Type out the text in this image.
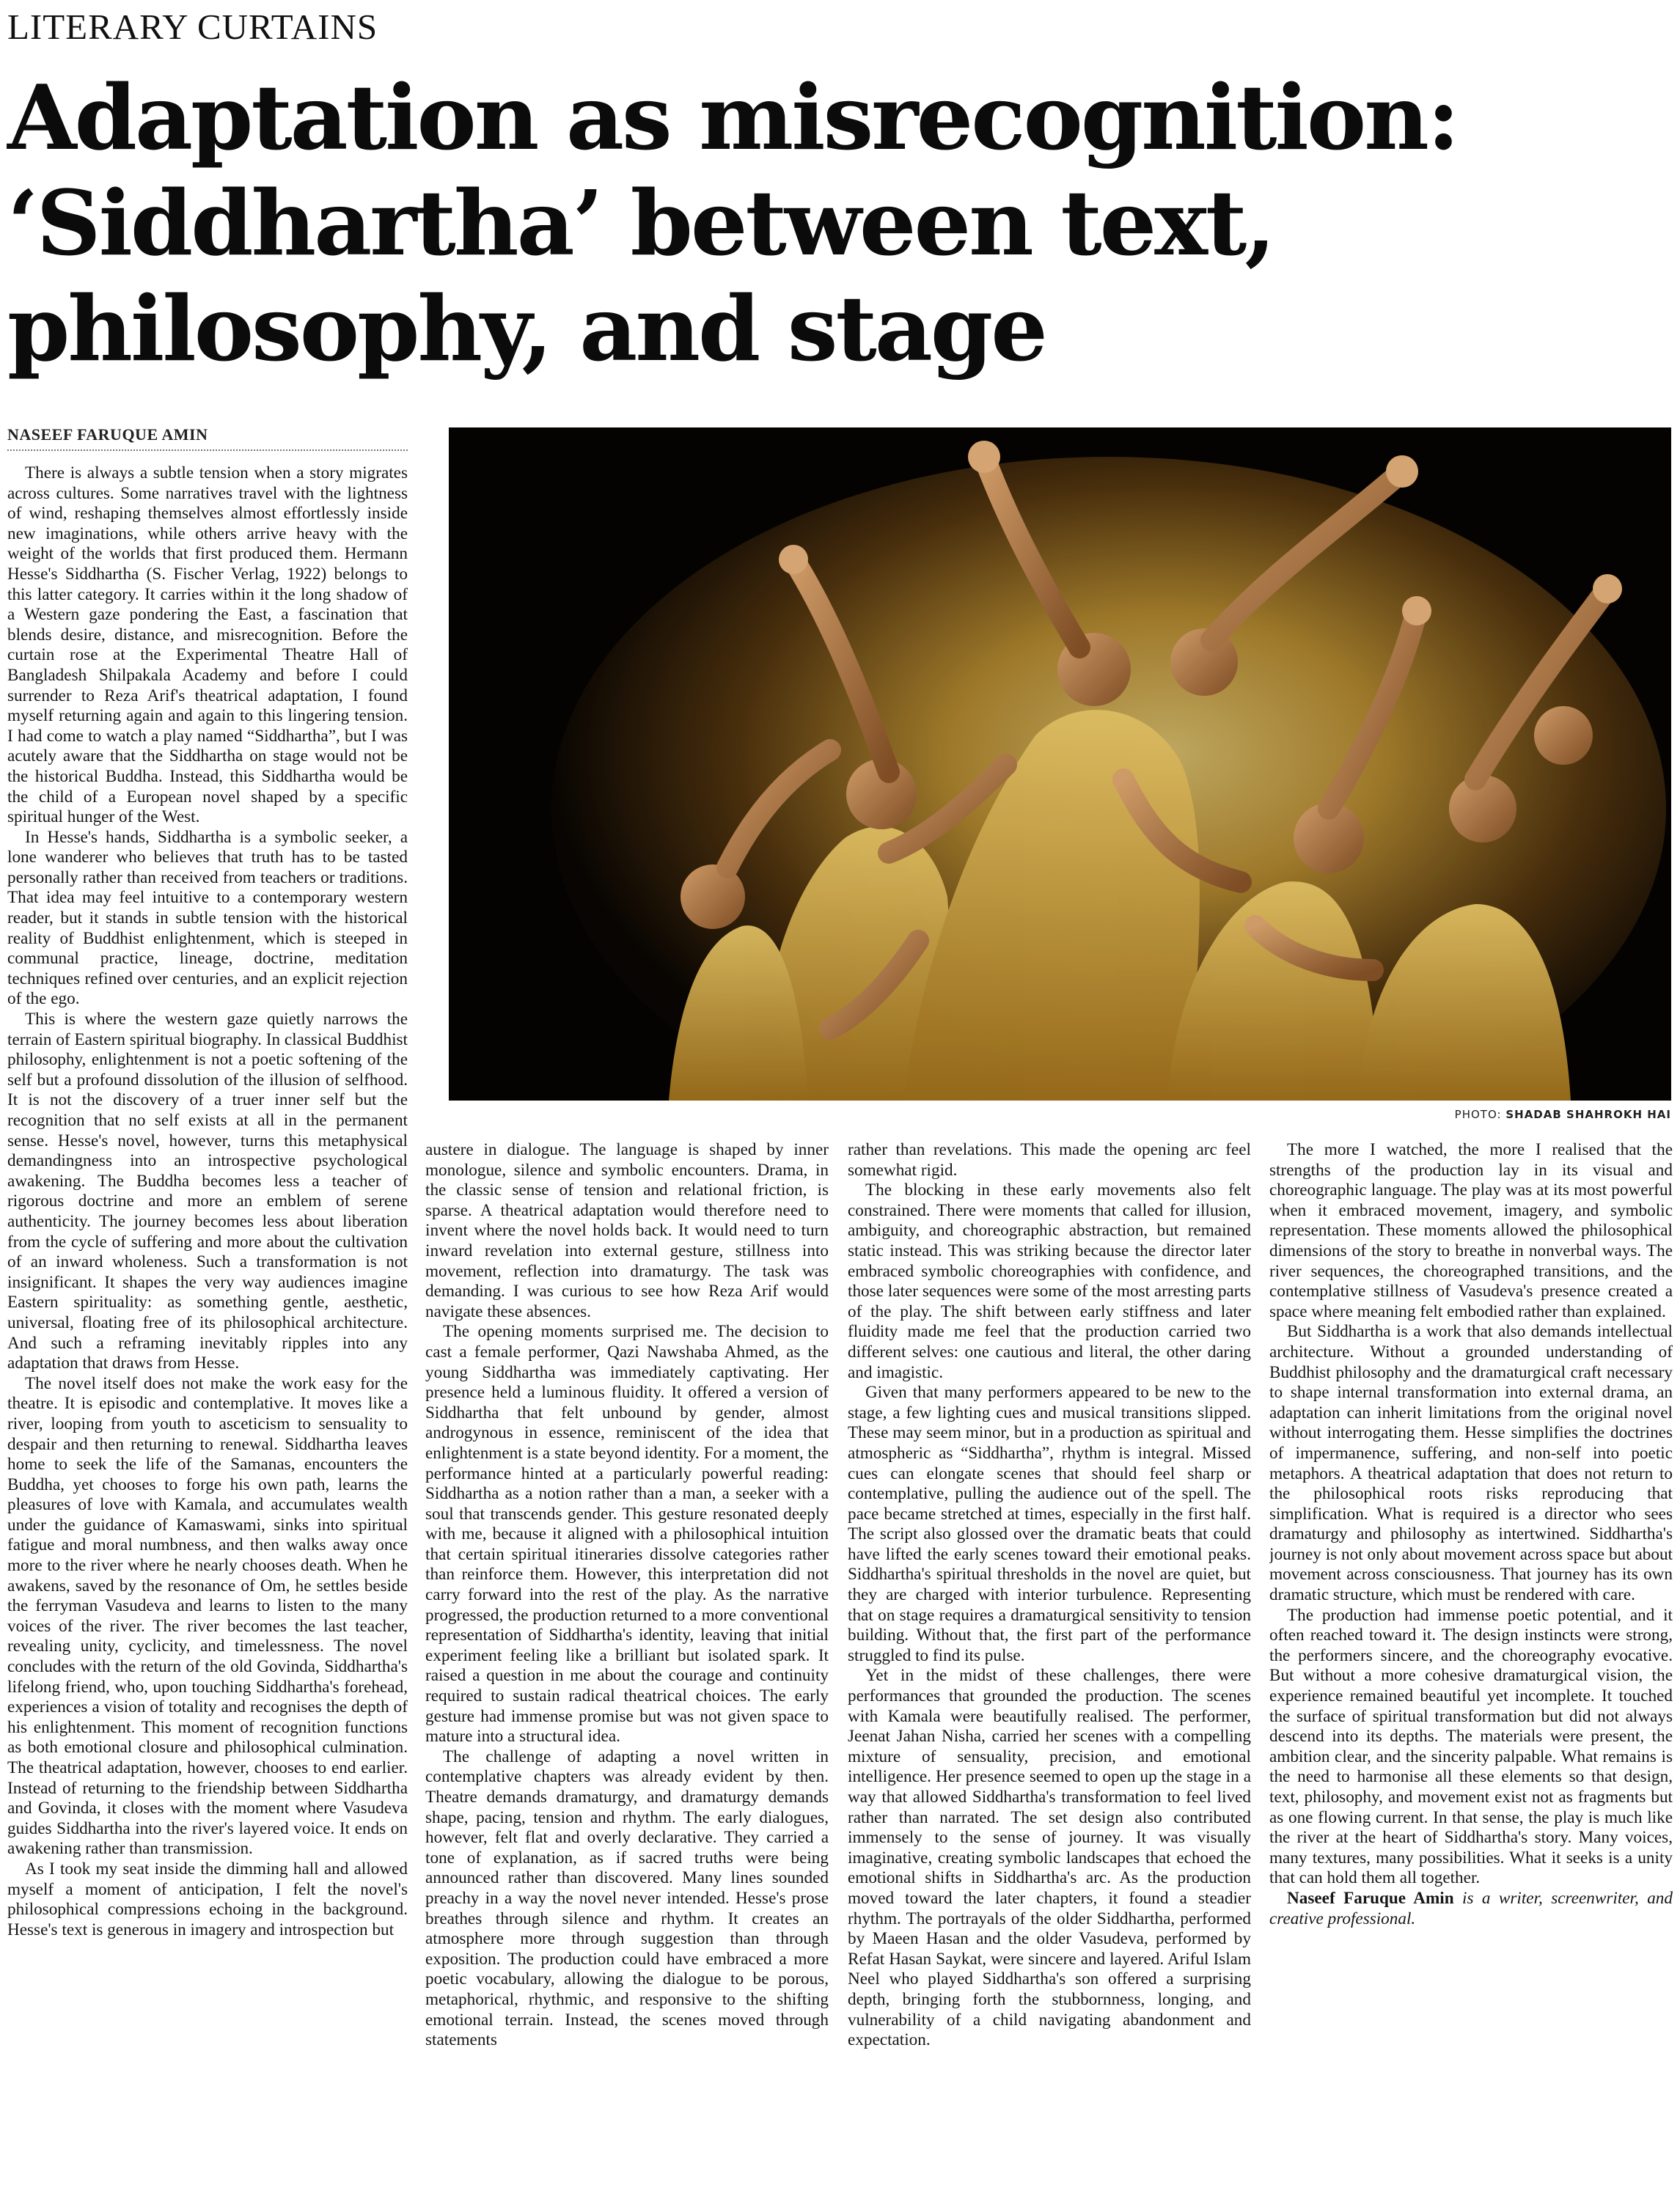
LITERARY CURTAINS
Adaptation as misrecognition:
‘Siddhartha’ between text,
philosophy, and stage
NASEEF FARUQUE AMIN

There is always a subtle tension when a story migrates across cultures. Some narratives travel with the lightness of wind, reshaping themselves almost effortlessly inside new imaginations, while others arrive heavy with the weight of the worlds that first produced them. Hermann Hesse's Siddhartha (S. Fischer Verlag, 1922) belongs to this latter category. It carries within it the long shadow of a Western gaze pondering the East, a fascination that blends desire, distance, and misrecognition. Before the curtain rose at the Experimental Theatre Hall of Bangladesh Shilpakala Academy and before I could surrender to Reza Arif's theatrical adaptation, I found myself returning again and again to this lingering tension. I had come to watch a play named “Siddhartha”, but I was acutely aware that the Siddhartha on stage would not be the historical Buddha. Instead, this Siddhartha would be the child of a European novel shaped by a specific spiritual hunger of the West.

In Hesse's hands, Siddhartha is a symbolic seeker, a lone wanderer who believes that truth has to be tasted personally rather than received from teachers or traditions. That idea may feel intuitive to a contemporary western reader, but it stands in subtle tension with the historical reality of Buddhist enlightenment, which is steeped in communal practice, lineage, doctrine, meditation techniques refined over centuries, and an explicit rejection of the ego.

This is where the western gaze quietly narrows the terrain of Eastern spiritual biography. In classical Buddhist philosophy, enlightenment is not a poetic softening of the self but a profound dissolution of the illusion of selfhood. It is not the discovery of a truer inner self but the recognition that no self exists at all in the permanent sense. Hesse's novel, however, turns this metaphysical demandingness into an introspective psychological awakening. The Buddha becomes less a teacher of rigorous doctrine and more an emblem of serene authenticity. The journey becomes less about liberation from the cycle of suffering and more about the cultivation of an inward wholeness. Such a transformation is not insignificant. It shapes the very way audiences imagine Eastern spirituality: as something gentle, aesthetic, universal, floating free of its philosophical architecture. And such a reframing inevitably ripples into any adaptation that draws from Hesse.

The novel itself does not make the work easy for the theatre. It is episodic and contemplative. It moves like a river, looping from youth to asceticism to sensuality to despair and then returning to renewal. Siddhartha leaves home to seek the life of the Samanas, encounters the Buddha, yet chooses to forge his own path, learns the pleasures of love with Kamala, and accumulates wealth under the guidance of Kamaswami, sinks into spiritual fatigue and moral numbness, and then walks away once more to the river where he nearly chooses death. When he awakens, saved by the resonance of Om, he settles beside the ferryman Vasudeva and learns to listen to the many voices of the river. The river becomes the last teacher, revealing unity, cyclicity, and timelessness. The novel concludes with the return of the old Govinda, Siddhartha's lifelong friend, who, upon touching Siddhartha's forehead, experiences a vision of totality and recognises the depth of his enlightenment. This moment of recognition functions as both emotional closure and philosophical culmination. The theatrical adaptation, however, chooses to end earlier. Instead of returning to the friendship between Siddhartha and Govinda, it closes with the moment where Vasudeva guides Siddhartha into the river's layered voice. It ends on awakening rather than transmission.

As I took my seat inside the dimming hall and allowed myself a moment of anticipation, I felt the novel's philosophical compressions echoing in the background. Hesse's text is generous in imagery and introspection but

PHOTO: SHADAB SHAHROKH HAI

austere in dialogue. The language is shaped by inner monologue, silence and symbolic encounters. Drama, in the classic sense of tension and relational friction, is sparse. A theatrical adaptation would therefore need to invent where the novel holds back. It would need to turn inward revelation into external gesture, stillness into movement, reflection into dramaturgy. The task was demanding. I was curious to see how Reza Arif would navigate these absences.

The opening moments surprised me. The decision to cast a female performer, Qazi Nawshaba Ahmed, as the young Siddhartha was immediately captivating. Her presence held a luminous fluidity. It offered a version of Siddhartha that felt unbound by gender, almost androgynous in essence, reminiscent of the idea that enlightenment is a state beyond identity. For a moment, the performance hinted at a particularly powerful reading: Siddhartha as a notion rather than a man, a seeker with a soul that transcends gender. This gesture resonated deeply with me, because it aligned with a philosophical intuition that certain spiritual itineraries dissolve categories rather than reinforce them. However, this interpretation did not carry forward into the rest of the play. As the narrative progressed, the production returned to a more conventional representation of Siddhartha's identity, leaving that initial experiment feeling like a brilliant but isolated spark. It raised a question in me about the courage and continuity required to sustain radical theatrical choices. The early gesture had immense promise but was not given space to mature into a structural idea.

The challenge of adapting a novel written in contemplative chapters was already evident by then. Theatre demands dramaturgy, and dramaturgy demands shape, pacing, tension and rhythm. The early dialogues, however, felt flat and overly declarative. They carried a tone of explanation, as if sacred truths were being announced rather than discovered. Many lines sounded preachy in a way the novel never intended. Hesse's prose breathes through silence and rhythm. It creates an atmosphere more through suggestion than through exposition. The production could have embraced a more poetic vocabulary, allowing the dialogue to be porous, metaphorical, rhythmic, and responsive to the shifting emotional terrain. Instead, the scenes moved through statements

rather than revelations. This made the opening arc feel somewhat rigid.

The blocking in these early movements also felt constrained. There were moments that called for illusion, ambiguity, and choreographic abstraction, but remained static instead. This was striking because the director later embraced symbolic choreographies with confidence, and those later sequences were some of the most arresting parts of the play. The shift between early stiffness and later fluidity made me feel that the production carried two different selves: one cautious and literal, the other daring and imagistic.

Given that many performers appeared to be new to the stage, a few lighting cues and musical transitions slipped. These may seem minor, but in a production as spiritual and atmospheric as “Siddhartha”, rhythm is integral. Missed cues can elongate scenes that should feel sharp or contemplative, pulling the audience out of the spell. The pace became stretched at times, especially in the first half. The script also glossed over the dramatic beats that could have lifted the early scenes toward their emotional peaks. Siddhartha's spiritual thresholds in the novel are quiet, but they are charged with interior turbulence. Representing that on stage requires a dramaturgical sensitivity to tension building. Without that, the first part of the performance struggled to find its pulse.

Yet in the midst of these challenges, there were performances that grounded the production. The scenes with Kamala were beautifully realised. The performer, Jeenat Jahan Nisha, carried her scenes with a compelling mixture of sensuality, precision, and emotional intelligence. Her presence seemed to open up the stage in a way that allowed Siddhartha's transformation to feel lived rather than narrated. The set design also contributed immensely to the sense of journey. It was visually imaginative, creating symbolic landscapes that echoed the emotional shifts in Siddhartha's arc. As the production moved toward the later chapters, it found a steadier rhythm. The portrayals of the older Siddhartha, performed by Maeen Hasan and the older Vasudeva, performed by Refat Hasan Saykat, were sincere and layered. Ariful Islam Neel who played Siddhartha's son offered a surprising depth, bringing forth the stubbornness, longing, and vulnerability of a child navigating abandonment and expectation.

The more I watched, the more I realised that the strengths of the production lay in its visual and choreographic language. The play was at its most powerful when it embraced movement, imagery, and symbolic representation. These moments allowed the philosophical dimensions of the story to breathe in nonverbal ways. The river sequences, the choreographed transitions, and the contemplative stillness of Vasudeva's presence created a space where meaning felt embodied rather than explained.

But Siddhartha is a work that also demands intellectual architecture. Without a grounded understanding of Buddhist philosophy and the dramaturgical craft necessary to shape internal transformation into external drama, an adaptation can inherit limitations from the original novel without interrogating them. Hesse simplifies the doctrines of impermanence, suffering, and non-self into poetic metaphors. A theatrical adaptation that does not return to the philosophical roots risks reproducing that simplification. What is required is a director who sees dramaturgy and philosophy as intertwined. Siddhartha's journey is not only about movement across space but about movement across consciousness. That journey has its own dramatic structure, which must be rendered with care.

The production had immense poetic potential, and it often reached toward it. The design instincts were strong, the performers sincere, and the choreography evocative. But without a more cohesive dramaturgical vision, the experience remained beautiful yet incomplete. It touched the surface of spiritual transformation but did not always descend into its depths. The materials were present, the ambition clear, and the sincerity palpable. What remains is the need to harmonise all these elements so that design, text, philosophy, and movement exist not as fragments but as one flowing current. In that sense, the play is much like the river at the heart of Siddhartha's story. Many voices, many textures, many possibilities. What it seeks is a unity that can hold them all together.

Naseef Faruque Amin is a writer, screenwriter, and creative professional.
